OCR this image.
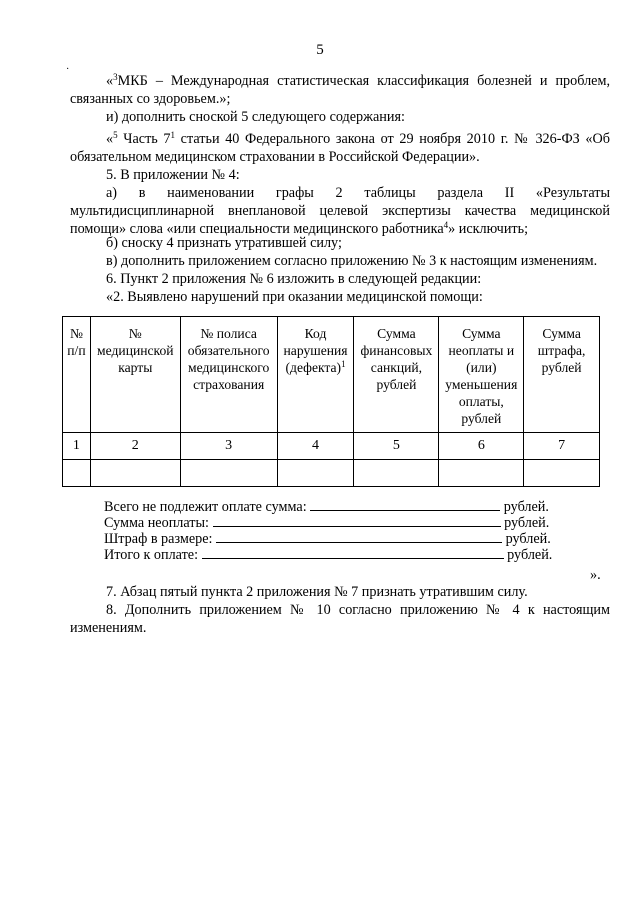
5
·

«$^3$МКБ – Международная статистическая классификация болезней и проблем, связанных со здоровьем.»;

и) дополнить сноской 5 следующего содержания:

«$^5$ Часть $7^1$ статьи 40 Федерального закона от 29 ноября 2010 г. № 326-ФЗ «Об обязательном медицинском страховании в Российской Федерации».

5. В приложении № 4:

а) в наименовании графы 2 таблицы раздела II «Результаты мультидисциплинарной внеплановой целевой экспертизы качества медицинской помощи» слова «или специальности медицинского работника$^4$» исключить;

б) сноску 4 признать утратившей силу;

в) дополнить приложением согласно приложению № 3 к настоящим изменениям.

6. Пункт 2 приложения № 6 изложить в следующей редакции:

«2. Выявлено нарушений при оказании медицинской помощи:

№ п/п	№ медицинской карты	№ полиса обязательного медицинского страхования	Код нарушения (дефекта)$^1$	Сумма финансовых санкций, рублей	Сумма неоплаты и (или) уменьшения оплаты, рублей	Сумма штрафа, рублей
1	2	3	4	5	6	7

Всего не подлежит оплате сумма:	рублей.
Сумма неоплаты:	рублей.
Штраф в размере:	рублей.
Итого к оплате:	рублей.
».

7. Абзац пятый пункта 2 приложения № 7 признать утратившим силу.

8. Дополнить приложением № 10 согласно приложению № 4 к настоящим изменениям.
